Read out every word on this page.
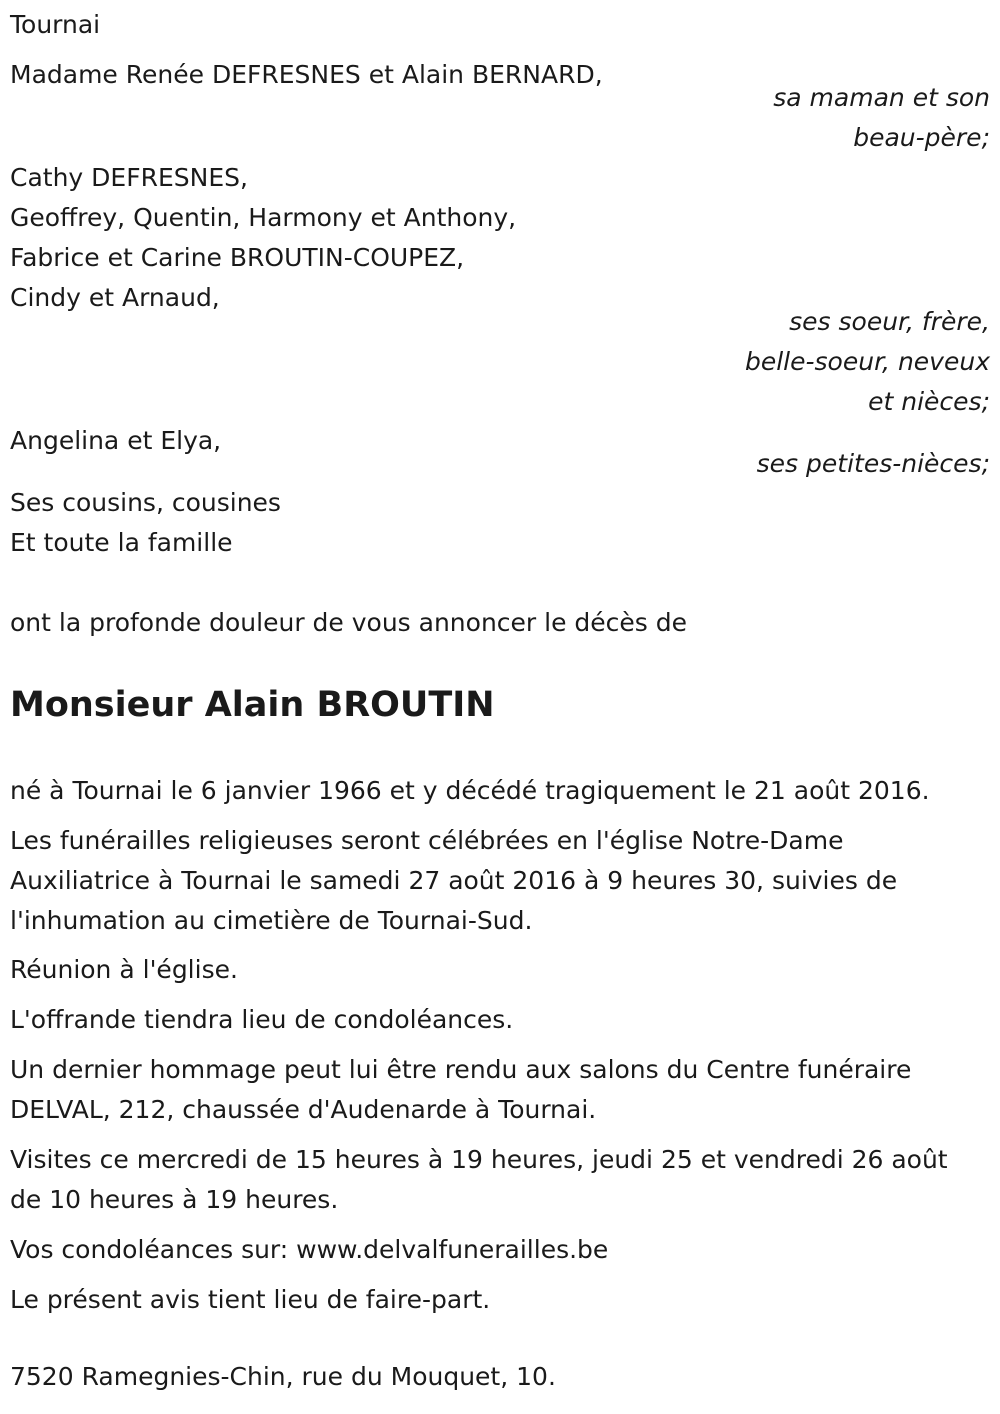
Tournai
Madame Renée DEFRESNES et Alain BERNARD,
sa maman et son
beau-père;
Cathy DEFRESNES,
Geoffrey, Quentin, Harmony et Anthony,
Fabrice et Carine BROUTIN-COUPEZ,
Cindy et Arnaud,
ses soeur, frère,
belle-soeur, neveux
et nièces;
Angelina et Elya,
ses petites-nièces;
Ses cousins, cousines
Et toute la famille
ont la profonde douleur de vous annoncer le décès de
Monsieur Alain BROUTIN
né à Tournai le 6 janvier 1966 et y décédé tragiquement le 21 août 2016.
Les funérailles religieuses seront célébrées en l'église Notre-Dame
Auxiliatrice à Tournai le samedi 27 août 2016 à 9 heures 30, suivies de
l'inhumation au cimetière de Tournai-Sud.
Réunion à l'église.
L'offrande tiendra lieu de condoléances.
Un dernier hommage peut lui être rendu aux salons du Centre funéraire
DELVAL, 212, chaussée d'Audenarde à Tournai.
Visites ce mercredi de 15 heures à 19 heures, jeudi 25 et vendredi 26 août
de 10 heures à 19 heures.
Vos condoléances sur: www.delvalfunerailles.be
Le présent avis tient lieu de faire-part.
7520 Ramegnies-Chin, rue du Mouquet, 10.
